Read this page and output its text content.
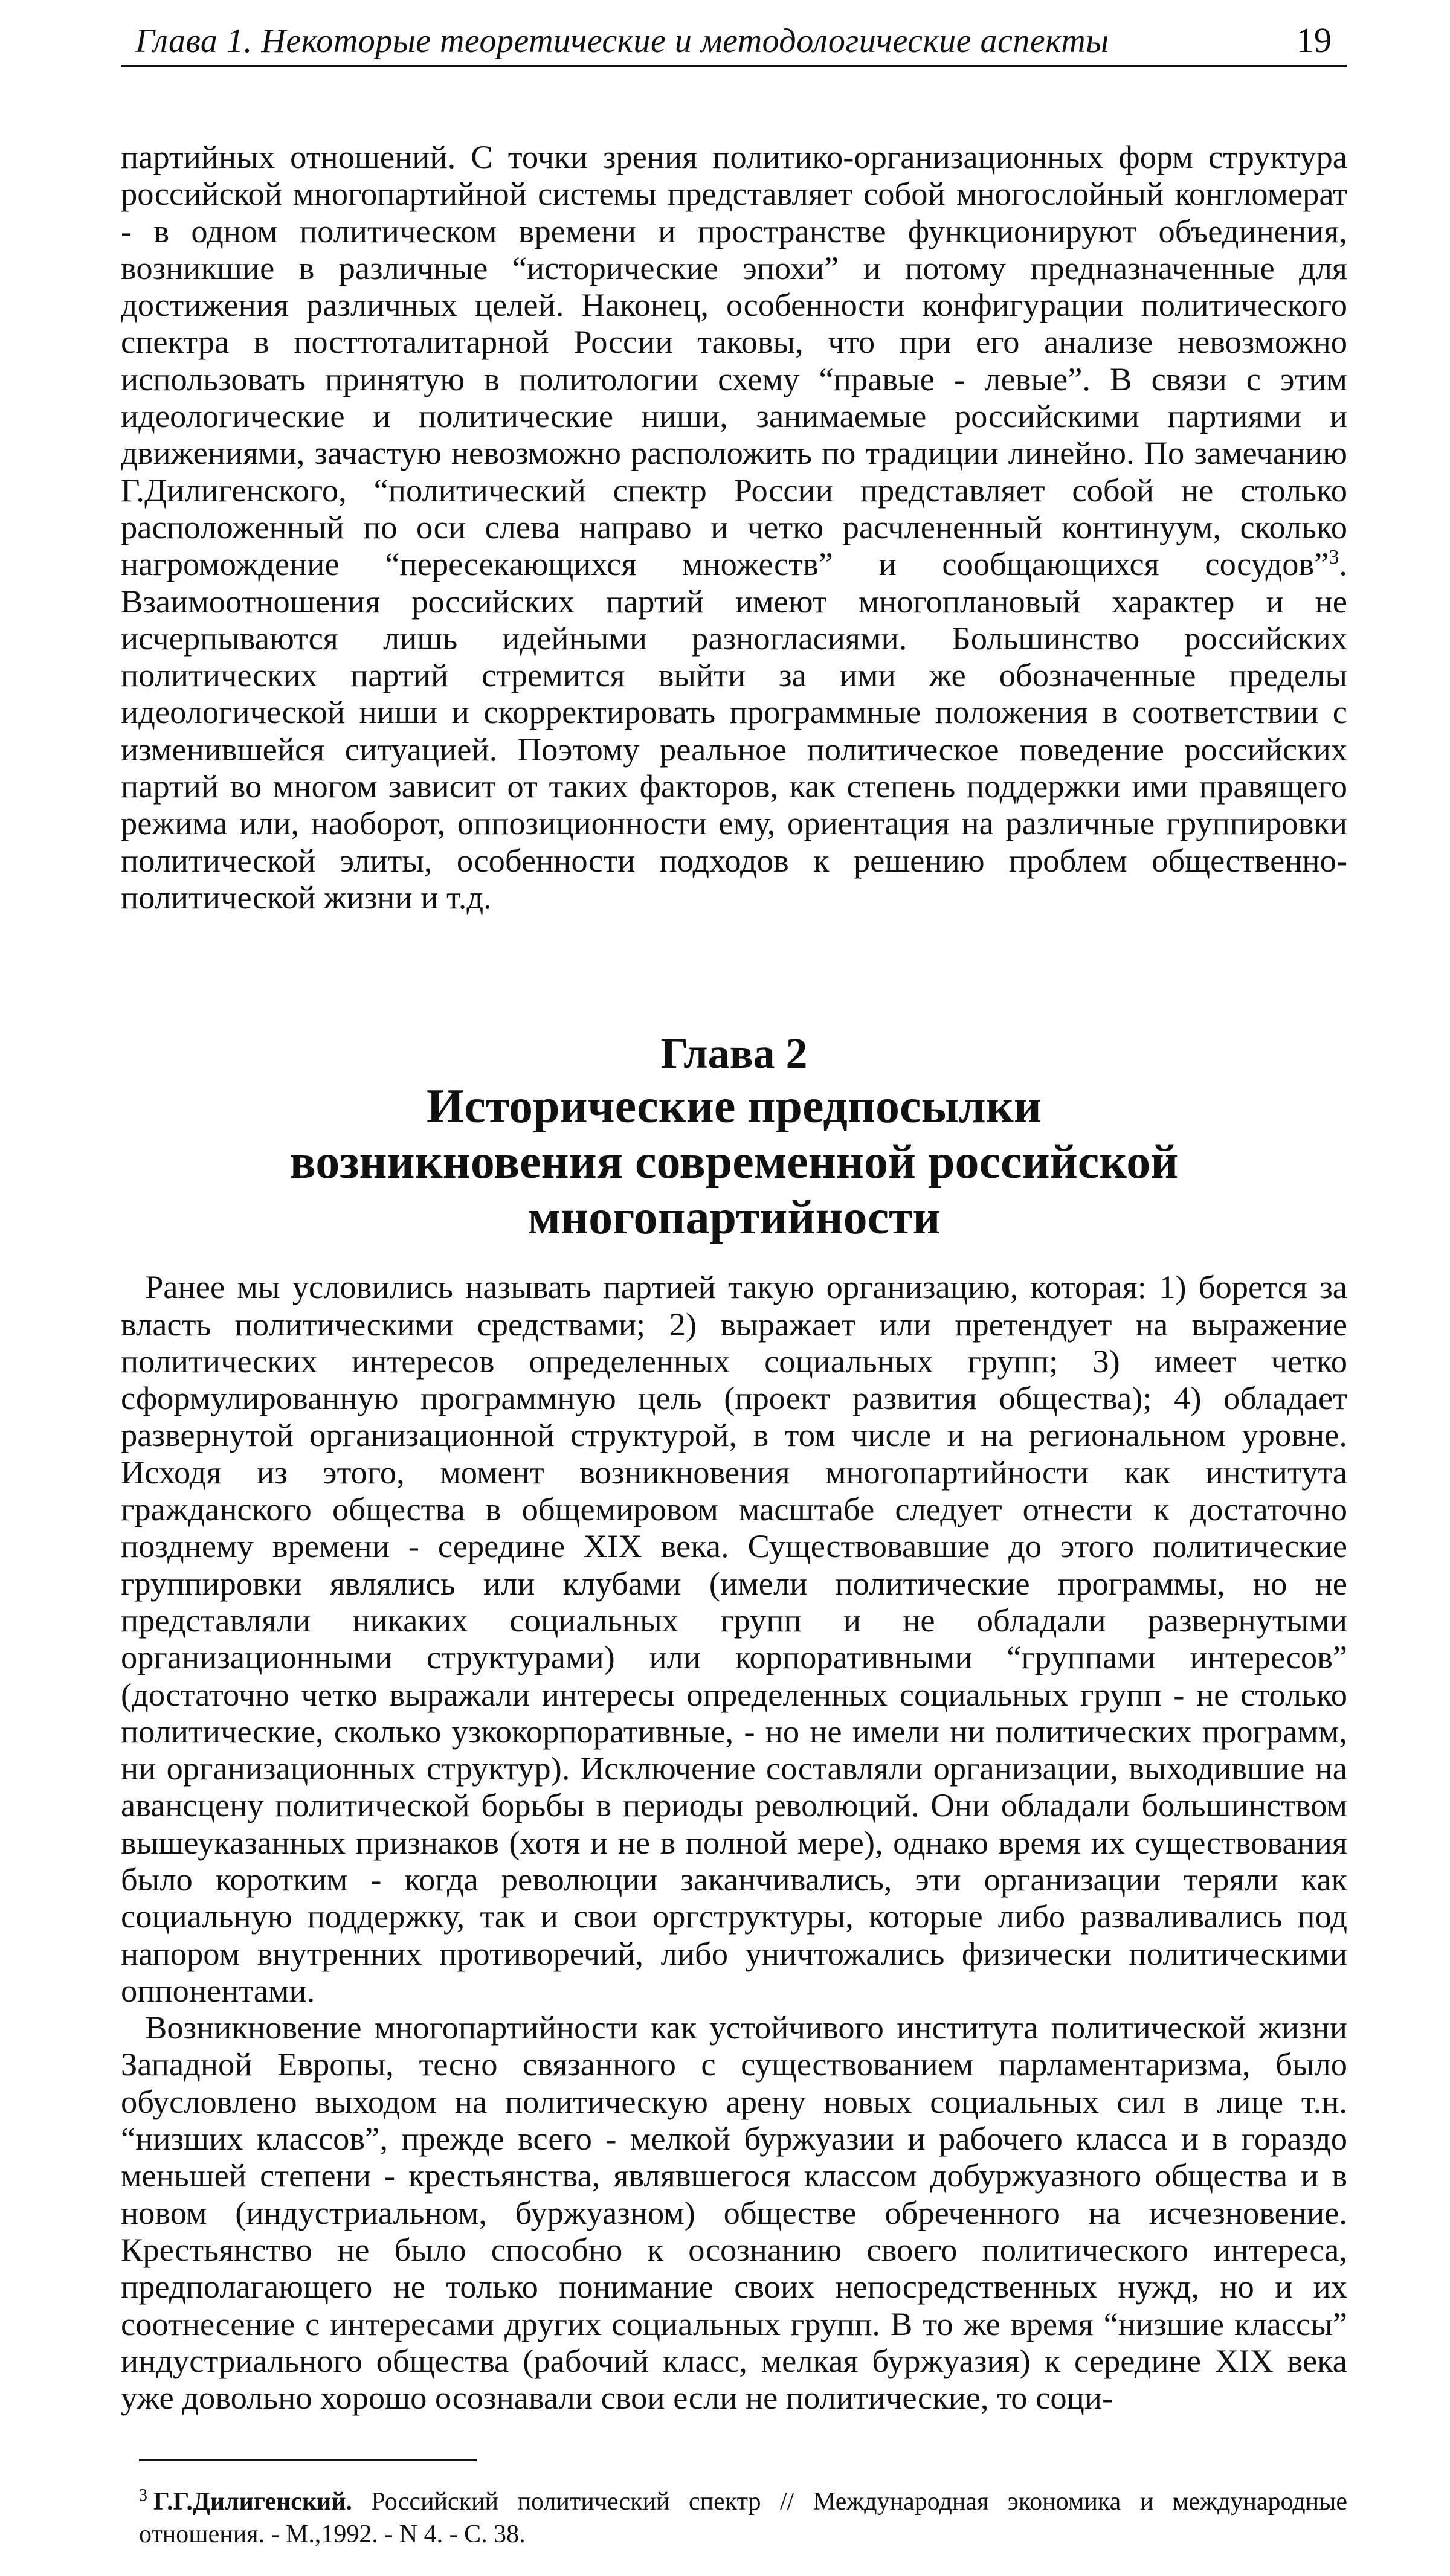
Глава 1. Некоторые теоретические и методологические аспекты	19

партийных отношений. С точки зрения политико-организационных форм структура российской многопартийной системы представляет собой многослойный конгломерат - в одном политическом времени и пространстве функционируют объединения, возникшие в различные “исторические эпохи” и потому предназначенные для достижения различных целей. Наконец, особенности конфигурации политического спектра в посттоталитарной России таковы, что при его анализе невозможно использовать принятую в политологии схему “правые - левые”. В связи с этим идеологические и политические ниши, занимаемые российскими партиями и движениями, зачастую невозможно расположить по традиции линейно. По замечанию Г.Дилигенского, “политический спектр России представляет собой не столько расположенный по оси слева направо и четко расчлененный континуум, сколько нагромождение “пересекающихся множеств” и сообщающихся сосудов”$^3$. Взаимоотношения российских партий имеют многоплановый характер и не исчерпываются лишь идейными разногласиями. Большинство российских политических партий стремится выйти за ими же обозначенные пределы идеологической ниши и скорректировать программные положения в соответствии с изменившейся ситуацией. Поэтому реальное политическое поведение российских партий во многом зависит от таких факторов, как степень поддержки ими правящего режима или, наоборот, оппозиционности ему, ориентация на различные группировки политической элиты, особенности подходов к решению проблем общественно-политической жизни и т.д.

Глава 2
Исторические предпосылки
возникновения современной российской многопартийности

Ранее мы условились называть партией такую организацию, которая: 1) борется за власть политическими средствами; 2) выражает или претендует на выражение политических интересов определенных социальных групп; 3) имеет четко сформулированную программную цель (проект развития общества); 4) обладает развернутой организационной структурой, в том числе и на региональном уровне. Исходя из этого, момент возникновения многопартийности как института гражданского общества в общемировом масштабе следует отнести к достаточно позднему времени - середине XIX века. Существовавшие до этого политические группировки являлись или клубами (имели политические программы, но не представляли никаких социальных групп и не обладали развернутыми организационными структурами) или корпоративными “группами интересов” (достаточно четко выражали интересы определенных социальных групп - не столько политические, сколько узкокорпоративные, - но не имели ни политических программ, ни организационных структур). Исключение составляли организации, выходившие на авансцену политической борьбы в периоды революций. Они обладали большинством вышеуказанных признаков (хотя и не в полной мере), однако время их существования было коротким - когда революции заканчивались, эти организации теряли как социальную поддержку, так и свои оргструктуры, которые либо разваливались под напором внутренних противоречий, либо уничтожались физически политическими оппонентами.

Возникновение многопартийности как устойчивого института политической жизни Западной Европы, тесно связанного с существованием парламентаризма, было обусловлено выходом на политическую арену новых социальных сил в лице т.н. “низших классов”, прежде всего - мелкой буржуазии и рабочего класса и в гораздо меньшей степени - крестьянства, являвшегося классом добуржуазного общества и в новом (индустриальном, буржуазном) обществе обреченного на исчезновение. Крестьянство не было способно к осознанию своего политического интереса, предполагающего не только понимание своих непосредственных нужд, но и их соотнесение с интересами других социальных групп. В то же время “низшие классы” индустриального общества (рабочий класс, мелкая буржуазия) к середине XIX века уже довольно хорошо осознавали свои если не политические, то соци-

$^3$ Г.Г.Дилигенский. Российский политический спектр // Международная экономика и международные отношения. - М.,1992. - N 4. - С. 38.
